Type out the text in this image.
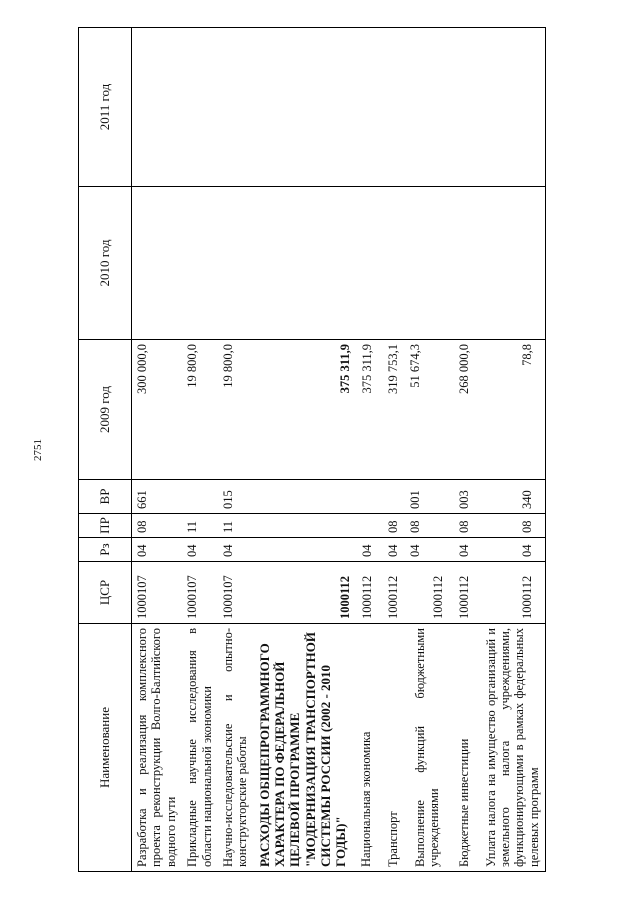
2751
Наименование	ЦСР	Рз	ПР	ВР	2009 год	2010 год	2011 год
Разработка и реализация комплексного проекта реконструкции Волго-Балтийского водного пути	1000107	04	08	661	300 000,0		
Прикладные научные исследования в области национальной экономики	1000107	04	11		19 800,0		
Научно-исследовательские и опытно-конструкторские работы	1000107	04	11	015	19 800,0		
РАСХОДЫ ОБЩЕПРОГРАММНОГО ХАРАКТЕРА ПО ФЕДЕРАЛЬНОЙ ЦЕЛЕВОЙ ПРОГРАММЕ "МОДЕРНИЗАЦИЯ ТРАНСПОРТНОЙ СИСТЕМЫ РОССИИ (2002 - 2010 ГОДЫ)"	1000112				375 311,9		
Национальная экономика	1000112	04			375 311,9		
Транспорт	1000112	04	08		319 753,1		
Выполнение функций бюджетными учреждениями	1000112	04	08	001	51 674,3		
Бюджетные инвестиции	1000112	04	08	003	268 000,0		
Уплата налога на имущество организаций и земельного налога учреждениями, функционирующими в рамках федеральных целевых программ	1000112	04	08	340	78,8		
